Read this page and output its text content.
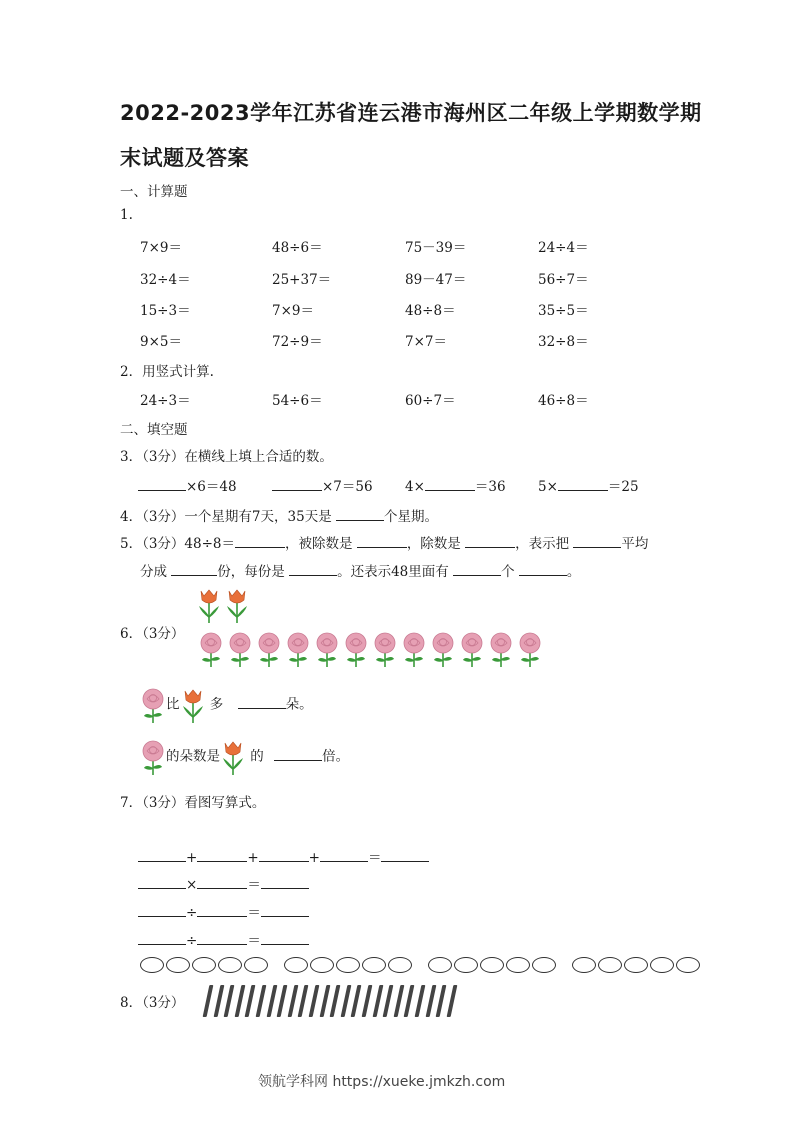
2022-2023学年江苏省连云港市海州区二年级上学期数学期
末试题及答案
一、计算题
1.
7×9＝	48÷6＝	75－39＝	24÷4＝
32÷4＝	25+37＝	89－47＝	56÷7＝
15÷3＝	7×9＝	48÷8＝	35÷5＝
9×5＝	72÷9＝	7×7＝	32÷8＝
2．用竖式计算.
24÷3＝	54÷6＝	60÷7＝	46÷8＝
二、填空题
3．（3分）在横线上填上合适的数。
×6＝48	×7＝56 4×	＝36 5×	＝25
4．（3分）一个星期有7天，35天是	个星期。
5．（3分）48÷8＝	，被除数是	，除数是	，表示把	平均
分成	份，每份是	。还表示48里面有	个	。
6．（3分）
比 多	朵。
的朵数是 的	倍。
7．（3分）看图写算式。
+	+	+	＝
×	＝
÷	＝
÷	＝
8．（3分）
领航学科网 https://xueke.jmkzh.com
